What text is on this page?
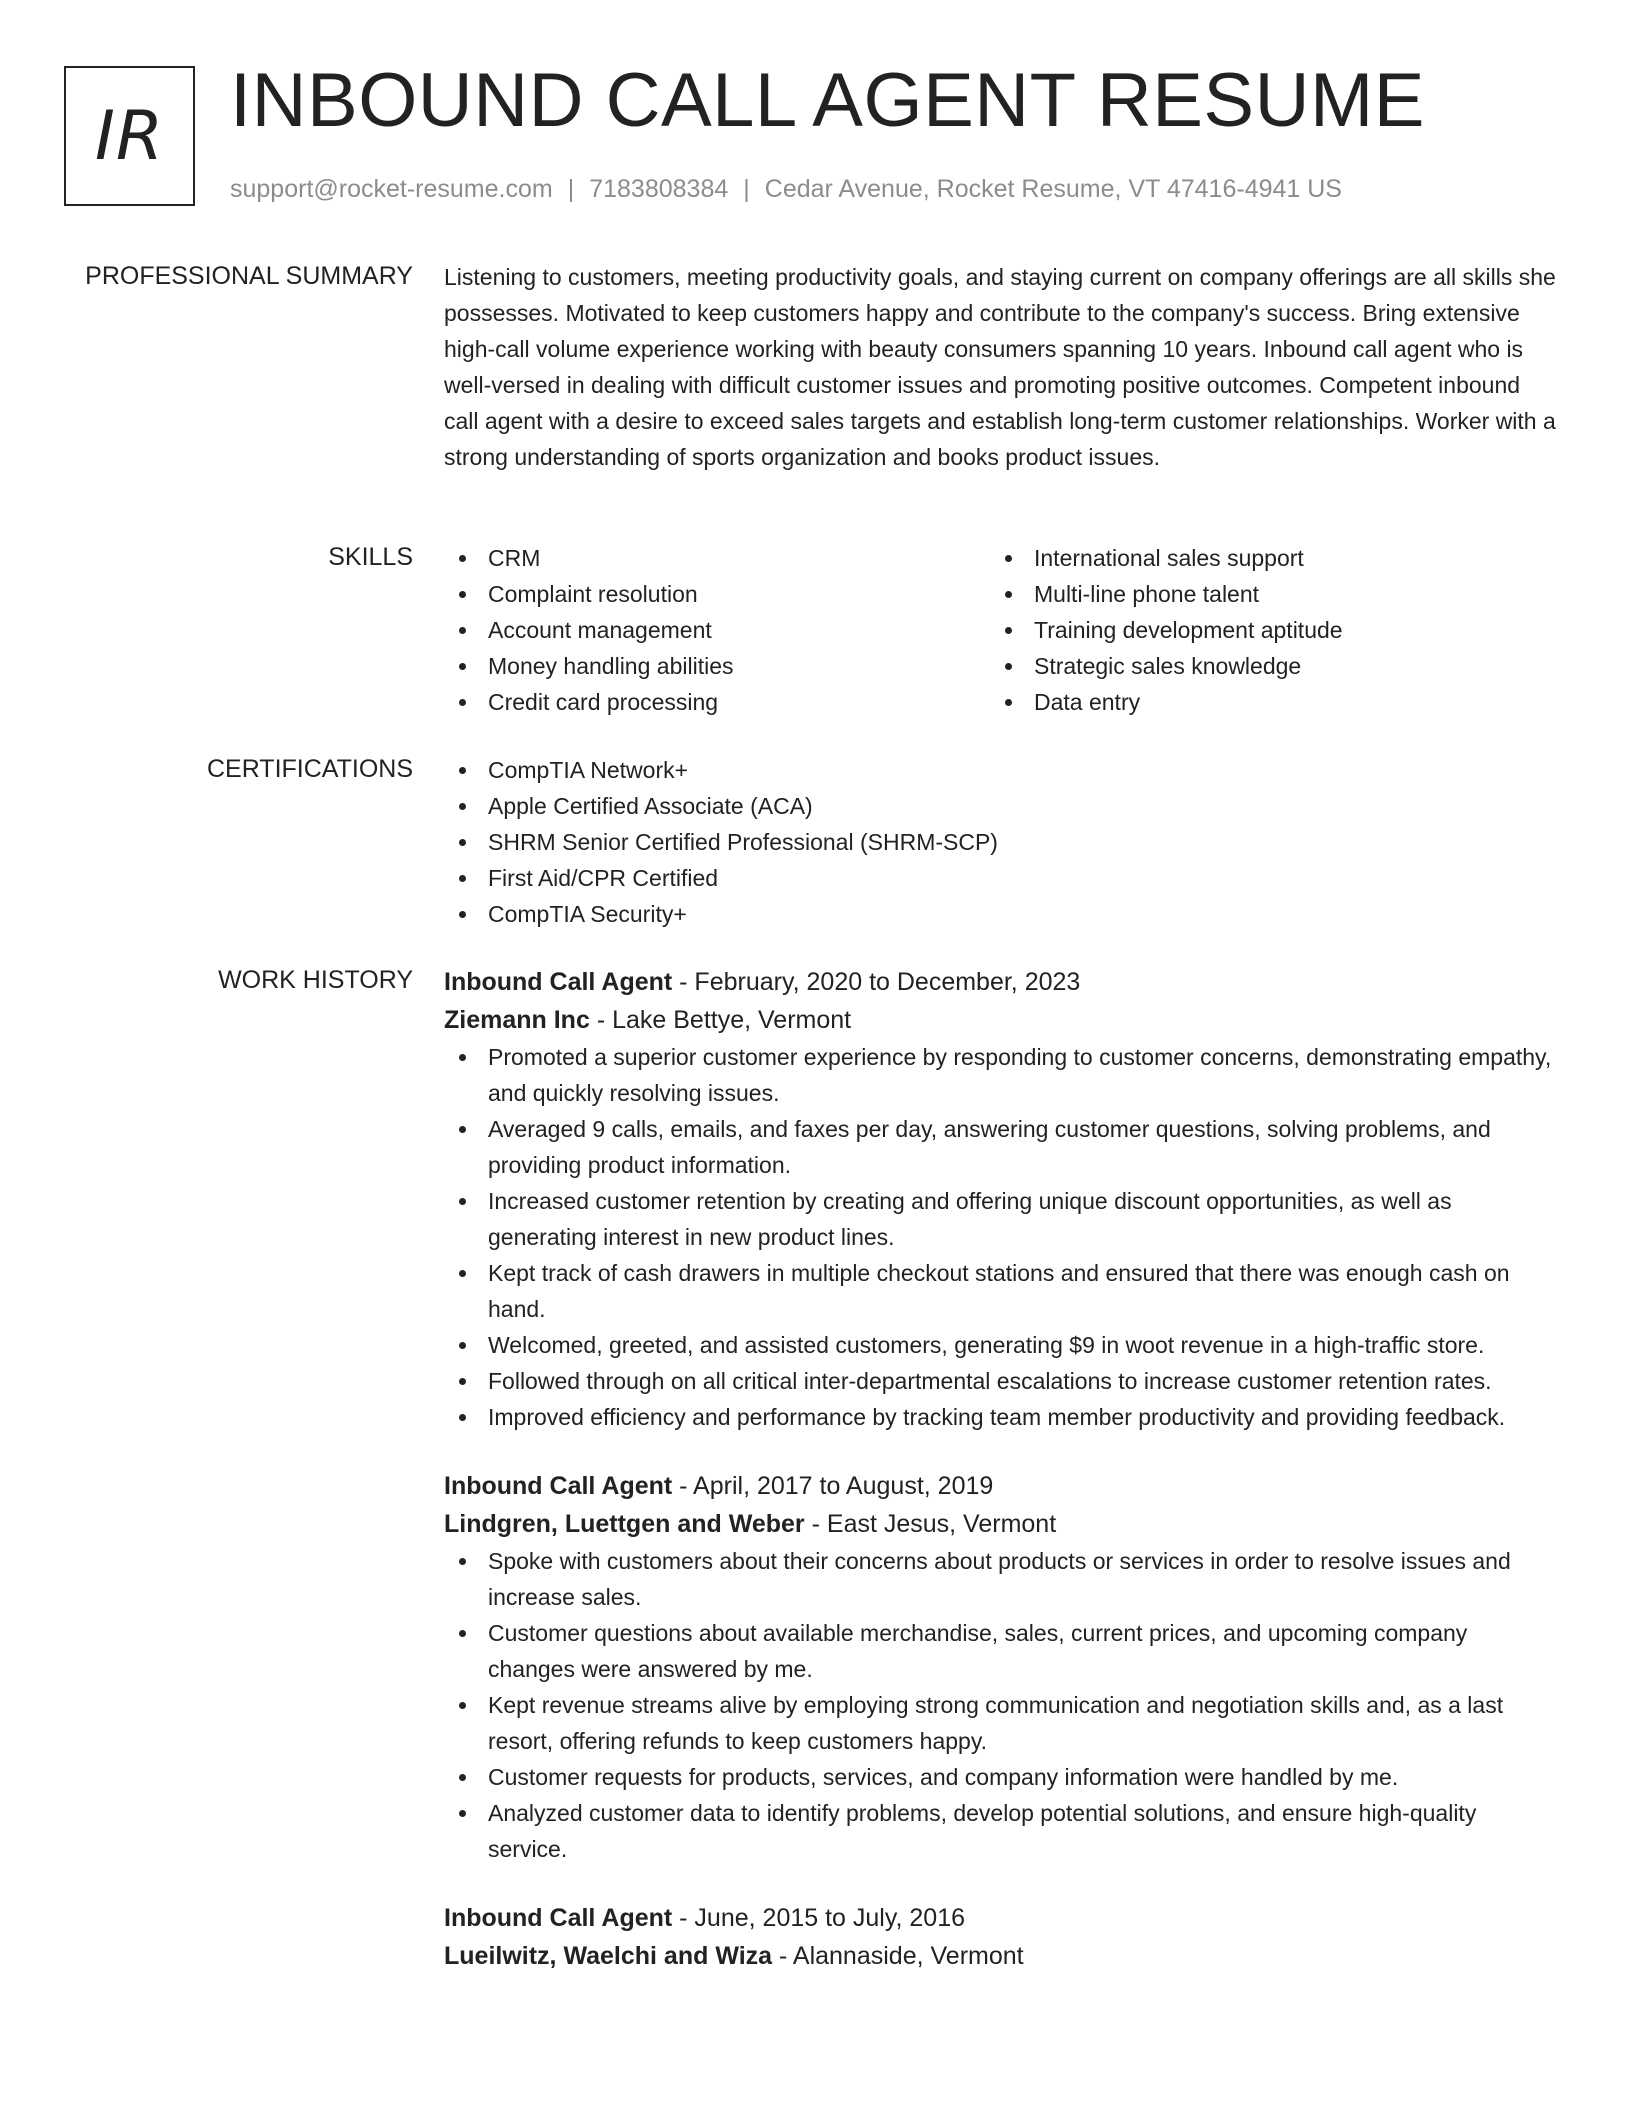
IR INBOUND CALL AGENT RESUME
support@rocket-resume.com | 7183808384 | Cedar Avenue, Rocket Resume, VT 47416-4941 US
PROFESSIONAL SUMMARY Listening to customers, meeting productivity goals, and staying current on company offerings are all skills she possesses. Motivated to keep customers happy and contribute to the company's success. Bring extensive high-call volume experience working with beauty consumers spanning 10 years. Inbound call agent who is well-versed in dealing with difficult customer issues and promoting positive outcomes. Competent inbound call agent with a desire to exceed sales targets and establish long-term customer relationships. Worker with a strong understanding of sports organization and books product issues.

SKILLS	CRM
Complaint resolution
Account management
Money handling abilities
Credit card processing
International sales support
Multi-line phone talent
Training development aptitude
Strategic sales knowledge
Data entry
CERTIFICATIONS	CompTIA Network+
Apple Certified Associate (ACA)
SHRM Senior Certified Professional (SHRM-SCP)
First Aid/CPR Certified
CompTIA Security+
WORK HISTORY Inbound Call Agent - February, 2020 to December, 2023
Ziemann Inc - Lake Bettye, Vermont
Promoted a superior customer experience by responding to customer concerns, demonstrating empathy, and quickly resolving issues.
Averaged 9 calls, emails, and faxes per day, answering customer questions, solving problems, and providing product information.
Increased customer retention by creating and offering unique discount opportunities, as well as generating interest in new product lines.
Kept track of cash drawers in multiple checkout stations and ensured that there was enough cash on hand.
Welcomed, greeted, and assisted customers, generating $9 in woot revenue in a high-traffic store.
Followed through on all critical inter-departmental escalations to increase customer retention rates.
Improved efficiency and performance by tracking team member productivity and providing feedback.
Inbound Call Agent - April, 2017 to August, 2019
Lindgren, Luettgen and Weber - East Jesus, Vermont
Spoke with customers about their concerns about products or services in order to resolve issues and increase sales.
Customer questions about available merchandise, sales, current prices, and upcoming company changes were answered by me.
Kept revenue streams alive by employing strong communication and negotiation skills and, as a last resort, offering refunds to keep customers happy.
Customer requests for products, services, and company information were handled by me.
Analyzed customer data to identify problems, develop potential solutions, and ensure high-quality service.
Inbound Call Agent - June, 2015 to July, 2016
Lueilwitz, Waelchi and Wiza - Alannaside, Vermont
